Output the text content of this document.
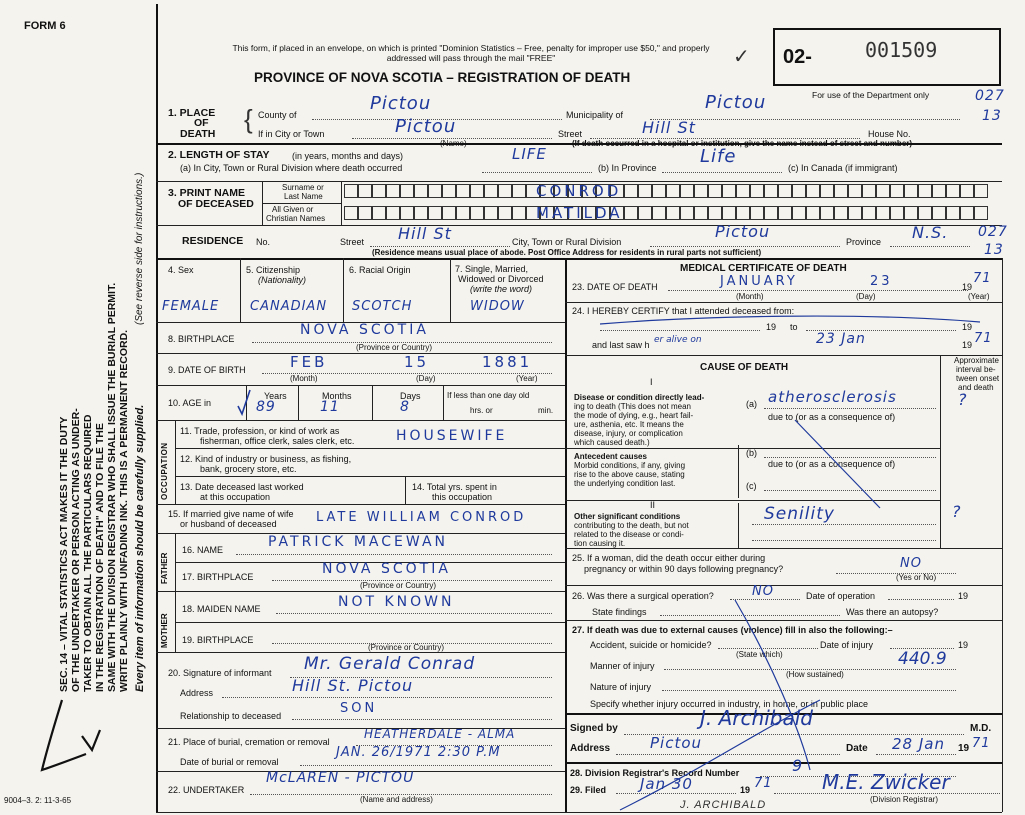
FORM 6
SEC. 14 – VITAL STATISTICS ACT MAKES IT THE DUTY OF THE UNDERTAKER OR PERSON ACTING AS UNDER- TAKER TO OBTAIN ALL THE PARTICULARS REQUIRED IN THE REGISTRATION OF DEATH" AND TO FILE THE SAME WITH THE DIVISION REGISTRAR WHO SHALL ISSUE THE BURIAL PERMIT. WRITE PLAINLY WITH UNFADING INK. THIS IS A PERMANENT RECORD. Every item of information should be carefully supplied.
(See reverse side for instructions.)
9004–3. 2: 11-3-65
This form, if placed in an envelope, on which is printed "Dominion Statistics – Free, penalty for improper use $50," and properly addressed will pass through the mail "FREE"
PROVINCE OF NOVA SCOTIA – REGISTRATION OF DEATH
✓ 02-	001509
For use of the Department only	027
13
1. PLACE
OF
DEATH { County of
Pictou
Municipality of
Pictou
If in City or Town	Pictou
(Name)
Street	Hill St	House No.
(If death occurred in a hospital or institution, give the name instead of street and number)
2. LENGTH OF STAY (in years, months and days)
(a) In City, Town or Rural Division where death occurred
LIFE
(b) In Province
Life
(c) In Canada (if immigrant)
3. PRINT NAME
OF DECEASED
Surname or
Last Name
All Given or
Christian Names
CONROD
MATILDA
RESIDENCE No.	Street Hill St	City, Town or Rural Division
Pictou
Province N.S. 027
13
(Residence means usual place of abode. Post Office Address for residents in rural parts not sufficient)
4. Sex
FEMALE
5. Citizenship
(Nationality)
CANADIAN
6. Racial Origin
SCOTCH
7. Single, Married,
Widowed or Divorced
(write the word)
WIDOW
8. BIRTHPLACE
NOVA SCOTIA
(Province or Country)
9. DATE OF BIRTH	FEB	15	1881
(Month)	(Day)	(Year)
10. AGE in
Years
89
Months
11
Days
8
If less than one day old
hrs. or	min.
OCCUPATION
11. Trade, profession, or kind of work as
fisherman, office clerk, sales clerk, etc.	HOUSEWIFE
12. Kind of industry or business, as fishing,
bank, grocery store, etc.
13. Date deceased last worked
at this occupation
14. Total yrs. spent in
this occupation
15. If married give name of wife
or husband of deceased	LATE WILLIAM CONROD
FATHER
16. NAME	PATRICK MACEWAN
17. BIRTHPLACE	NOVA SCOTIA
(Province or Country)
MOTHER
18. MAIDEN NAME	NOT KNOWN
19. BIRTHPLACE
(Province or Country)
20. Signature of informant Mr. Gerald Conrad
Address	Hill St. Pictou
Relationship to deceased	SON
21. Place of burial, cremation or removal
HEATHERDALE - ALMA
Date of burial or removal
JAN. 26/1971 2:30 P.M
22. UNDERTAKER
McLAREN - PICTOU
(Name and address)
MEDICAL CERTIFICATE OF DEATH
23. DATE OF DEATH	JANUARY	23	19
71
(Month)	(Day)	(Year)
24. I HEREBY CERTIFY that I attended deceased from:
19 to	19
and last saw h er alive on	23 Jan	19 71
CAUSE OF DEATH
Approximate
interval be-
tween onset
and death
I
Disease or condition directly lead-
ing to death (This does not mean
the mode of dying, e.g., heart fail-
ure, asthenia, etc. It means the
disease, injury, or complication
which caused death.)
(a) atherosclerosis	?
due to (or as a consequence of)
Antecedent causes
Morbid conditions, if any, giving
rise to the above cause, stating
the underlying condition last.
(b)
due to (or as a consequence of)
(c)
II
Other significant conditions
contributing to the death, but not
related to the disease or condi-
tion causing it.
Senility	?
25. If a woman, did the death occur either during
pregnancy or within 90 days following pregnancy?	NO
(Yes or No)
26. Was there a surgical operation?	NO	Date of operation	19
State findings	Was there an autopsy?
27. If death was due to external causes (violence) fill in also the following:–
Accident, suicide or homicide?
(State which)
Date of injury	19
Manner of injury	440.9
(How sustained)
Nature of injury
Specify whether injury occurred in industry, in home, or in public place
Signed by	J. Archibald	M.D.
Address	Pictou	Date 28 Jan 19 71
28. Division Registrar's Record Number	9
29. Filed Jan 30	19 71 M.E. Zwicker
(Division Registrar)
J. ARCHIBALD
